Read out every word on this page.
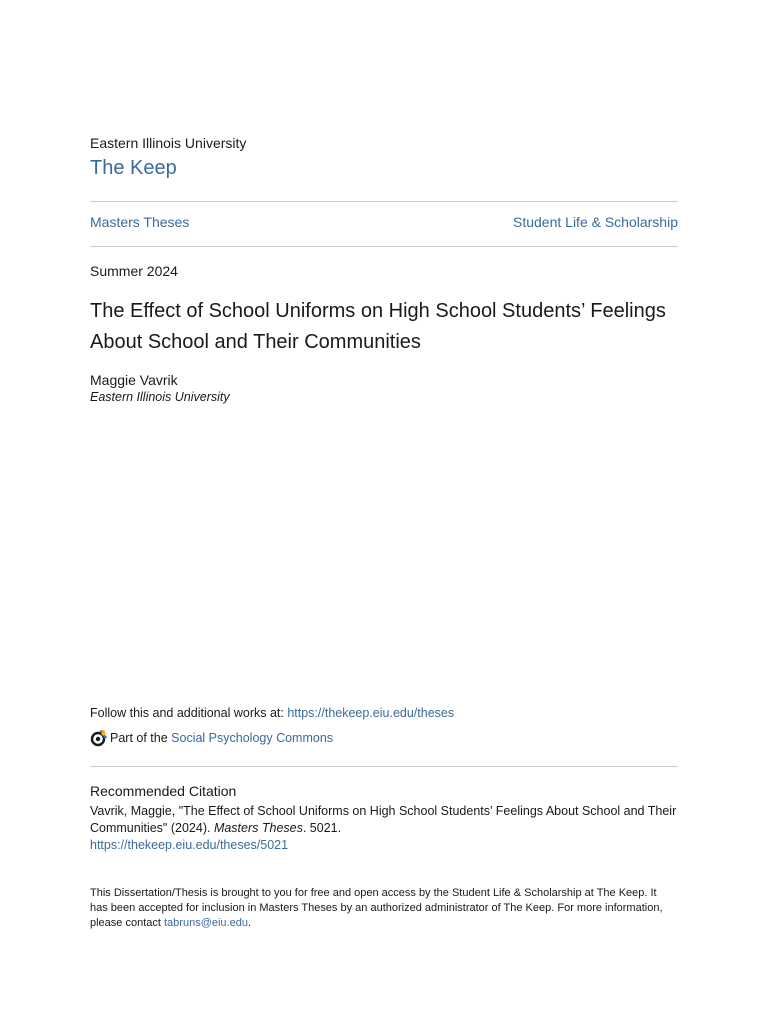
Eastern Illinois University
The Keep
Masters Theses	Student Life & Scholarship
Summer 2024
The Effect of School Uniforms on High School Students’ Feelings About School and Their Communities
Maggie Vavrik
Eastern Illinois University
Follow this and additional works at: https://thekeep.eiu.edu/theses
Part of the Social Psychology Commons
Recommended Citation
Vavrik, Maggie, "The Effect of School Uniforms on High School Students’ Feelings About School and Their Communities" (2024). Masters Theses. 5021.
https://thekeep.eiu.edu/theses/5021
This Dissertation/Thesis is brought to you for free and open access by the Student Life & Scholarship at The Keep. It has been accepted for inclusion in Masters Theses by an authorized administrator of The Keep. For more information, please contact tabruns@eiu.edu.
